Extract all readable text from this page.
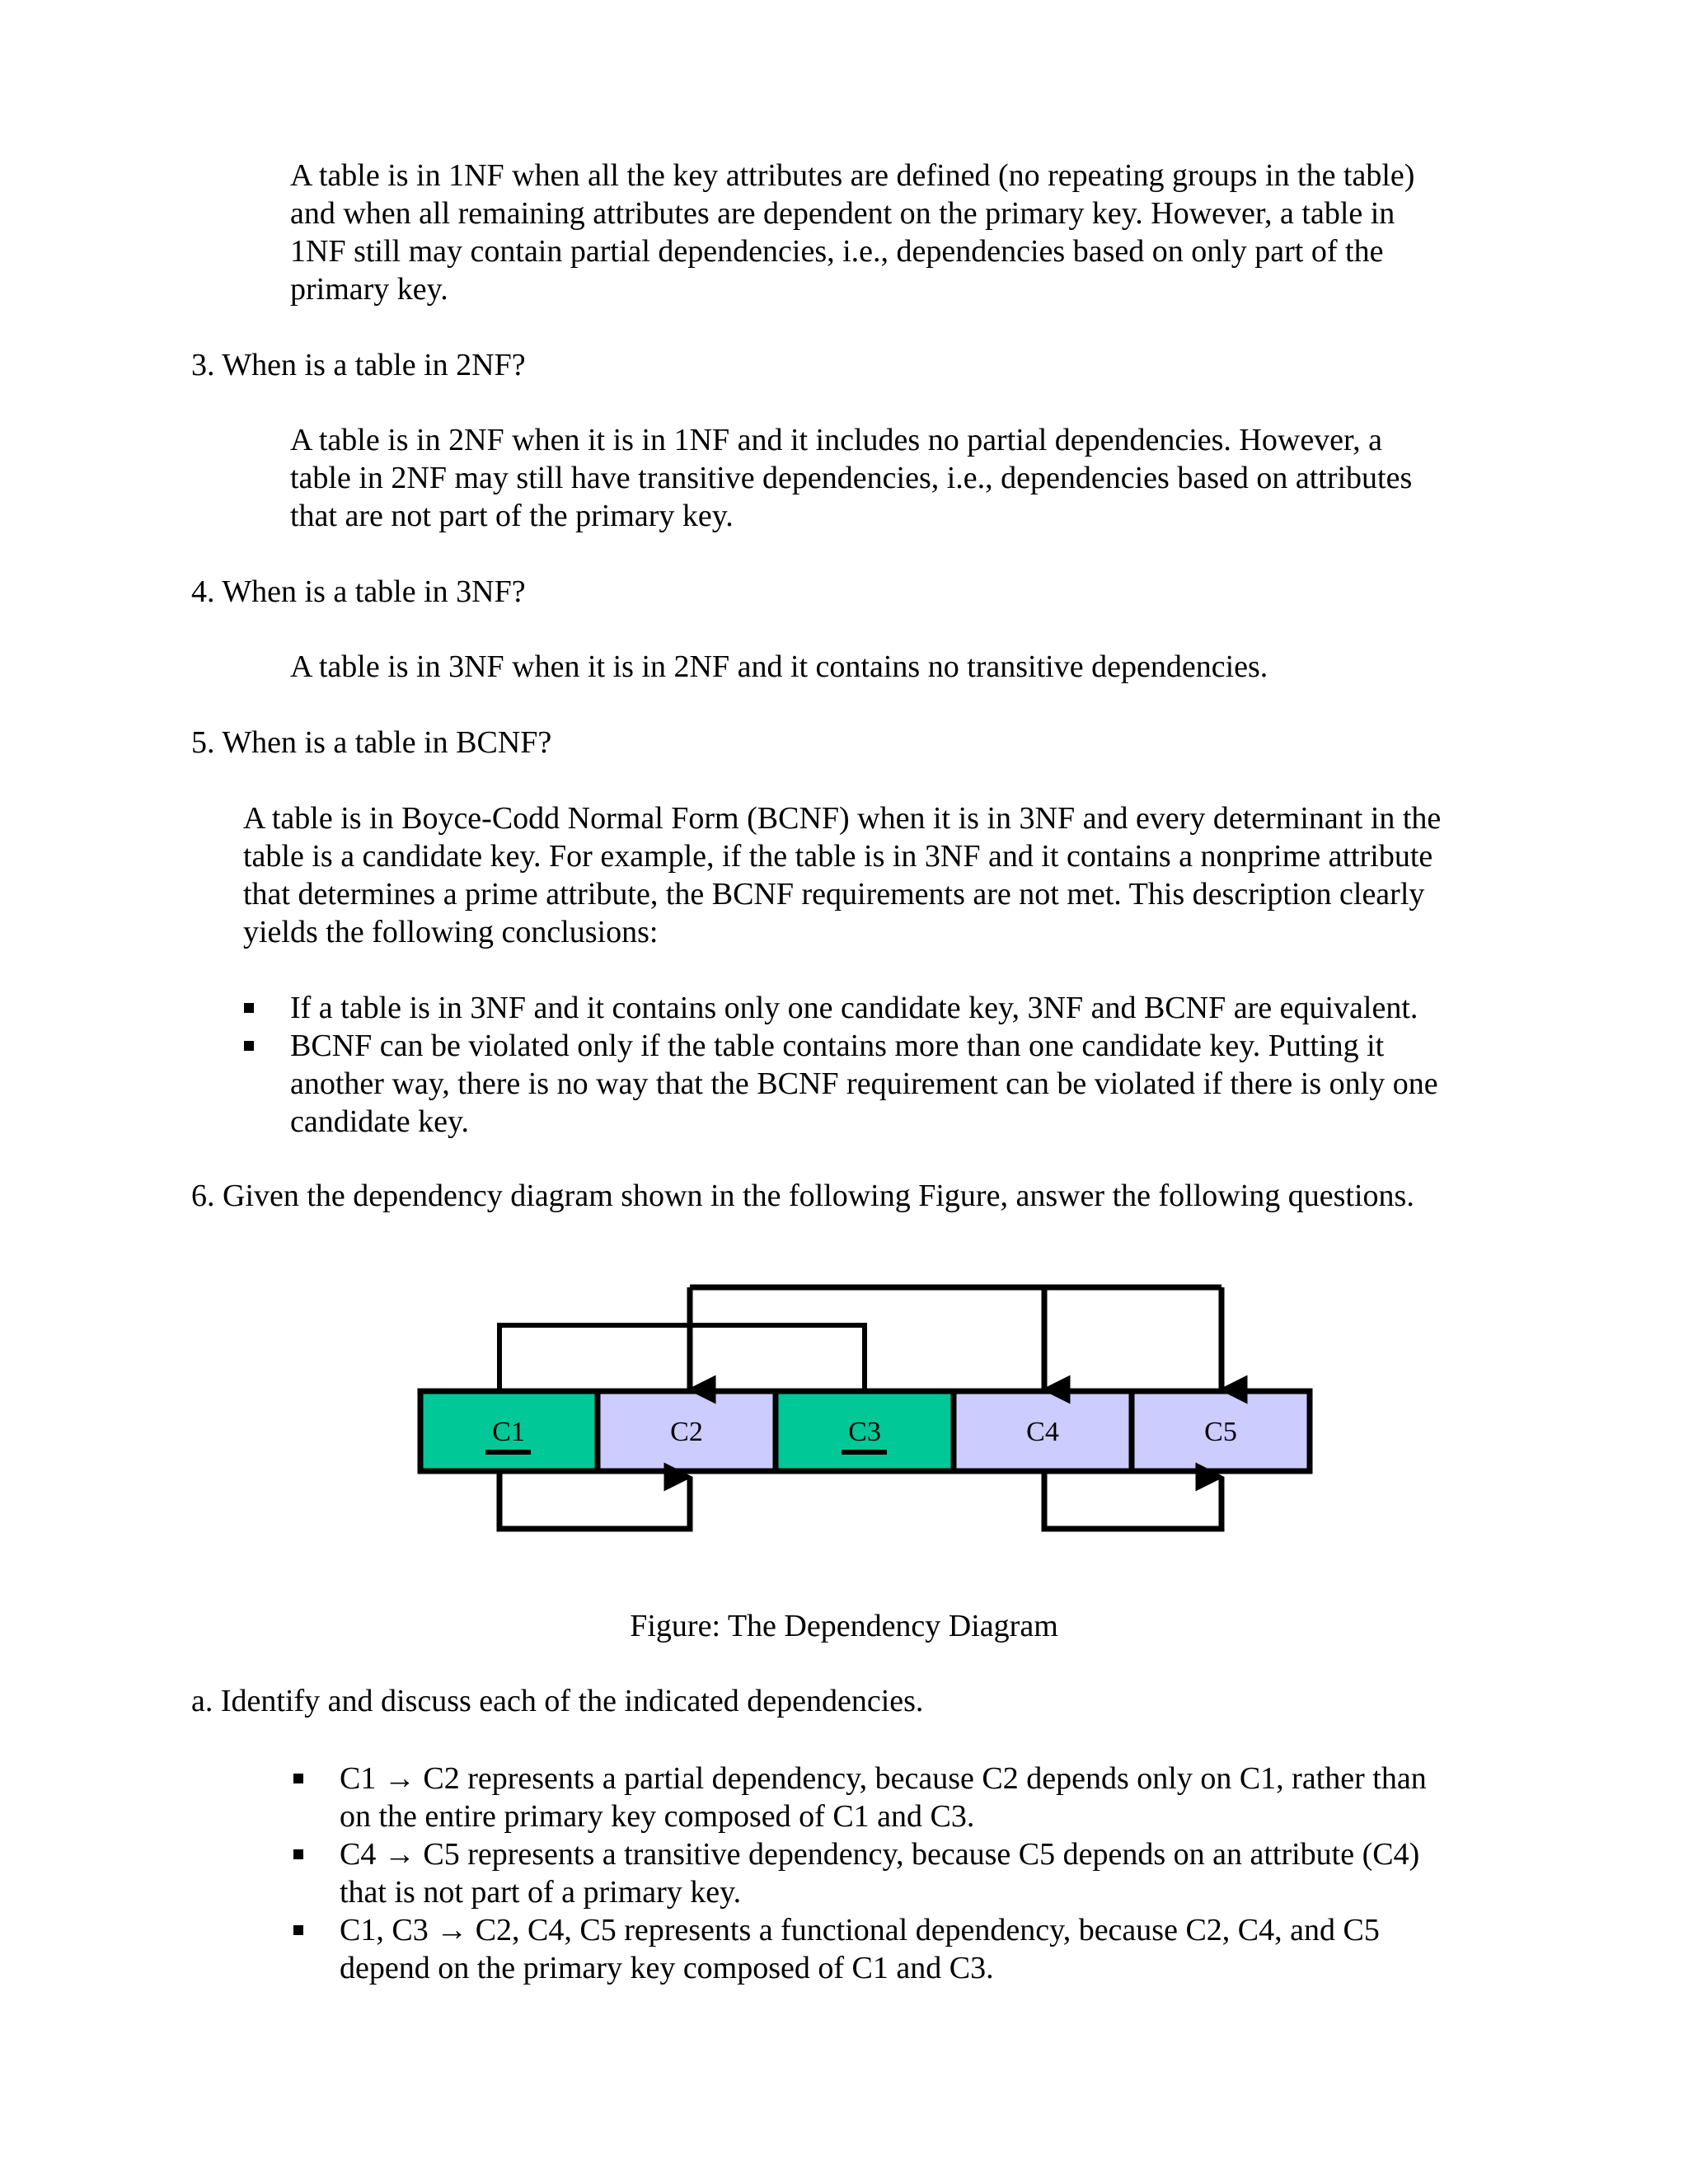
A table is in 1NF when all the key attributes are defined (no repeating groups in the table)
and when all remaining attributes are dependent on the primary key. However, a table in
1NF still may contain partial dependencies, i.e., dependencies based on only part of the
primary key.
3. When is a table in 2NF?
A table is in 2NF when it is in 1NF and it includes no partial dependencies. However, a
table in 2NF may still have transitive dependencies, i.e., dependencies based on attributes
that are not part of the primary key.
4. When is a table in 3NF?
A table is in 3NF when it is in 2NF and it contains no transitive dependencies.
5. When is a table in BCNF?
A table is in Boyce-Codd Normal Form (BCNF) when it is in 3NF and every determinant in the
table is a candidate key. For example, if the table is in 3NF and it contains a nonprime attribute
that determines a prime attribute, the BCNF requirements are not met. This description clearly
yields the following conclusions:
If a table is in 3NF and it contains only one candidate key, 3NF and BCNF are equivalent.
BCNF can be violated only if the table contains more than one candidate key. Putting it
another way, there is no way that the BCNF requirement can be violated if there is only one
candidate key.
6. Given the dependency diagram shown in the following Figure, answer the following questions.
C1	C2	C3	C4	C5
Figure: The Dependency Diagram
a. Identify and discuss each of the indicated dependencies.
C1 → C2 represents a partial dependency, because C2 depends only on C1, rather than
on the entire primary key composed of C1 and C3.
C4 → C5 represents a transitive dependency, because C5 depends on an attribute (C4)
that is not part of a primary key.
C1, C3 → C2, C4, C5 represents a functional dependency, because C2, C4, and C5
depend on the primary key composed of C1 and C3.
